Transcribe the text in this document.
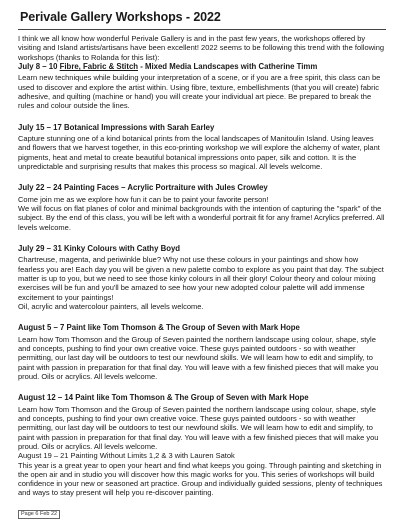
Perivale Gallery Workshops - 2022

I think we all know how wonderful Perivale Gallery is and in the past few years, the workshops offered by visiting and Island artists/artisans have been excellent! 2022 seems to be following this trend with the following workshops (thanks to Rolanda for this list):

July 8 – 10 Fibre, Fabric & Stitch - Mixed Media Landscapes with Catherine Timm

Learn new techniques while building your interpretation of a scene, or if you are a free spirit, this class can be used to discover and explore the artist within. Using fibre, texture, embellishments (that you will create) fabric adhesive, and quilting (machine or hand) you will create your individual art piece. Be prepared to break the rules and colour outside the lines.

July 15 – 17 Botanical Impressions with Sarah Earley

Capture stunning one of a kind botanical prints from the local landscapes of Manitoulin Island. Using leaves and flowers that we harvest together, in this eco-printing workshop we will explore the alchemy of water, plant pigments, heat and metal to create beautiful botanical impressions onto paper, silk and cotton. It is the unpredictable and surprising results that makes this process so magical. All levels welcome.

July 22 – 24 Painting Faces – Acrylic Portraiture with Jules Crowley

Come join me as we explore how fun it can be to paint your favorite person!

We will focus on flat planes of color and minimal backgrounds with the intention of capturing the "spark" of the subject. By the end of this class, you will be left with a wonderful portrait fit for any frame! Acrylics preferred. All levels welcome.

July 29 – 31 Kinky Colours with Cathy Boyd

Chartreuse, magenta, and periwinkle blue? Why not use these colours in your paintings and show how fearless you are! Each day you will be given a new palette combo to explore as you paint that day. The subject matter is up to you, but we need to see those kinky colours in all their glory! Colour theory and colour mixing exercises will be fun and you'll be amazed to see how your new adopted colour palette will add immense excitement to your paintings!

Oil, acrylic and watercolour painters, all levels welcome.

August 5 – 7 Paint like Tom Thomson & The Group of Seven with Mark Hope

Learn how Tom Thomson and the Group of Seven painted the northern landscape using colour, shape, style and concepts, pushing to find your own creative voice. These guys painted outdoors - so with weather permitting, our last day will be outdoors to test our newfound skills. We will learn how to edit and simplify, to paint with passion in preparation for that final day. You will leave with a few finished pieces that will make you proud. Oils or acrylics. All levels welcome.

August 12 – 14 Paint like Tom Thomson & The Group of Seven with Mark Hope

Learn how Tom Thomson and the Group of Seven painted the northern landscape using colour, shape, style and concepts, pushing to find your own creative voice. These guys painted outdoors - so with weather permitting, our last day will be outdoors to test our newfound skills. We will learn how to edit and simplify, to paint with passion in preparation for that final day. You will leave with a few finished pieces that will make you proud. Oils or acrylics. All levels welcome.

August 19 – 21 Painting Without Limits 1,2 & 3 with Lauren Satok

This year is a great year to open your heart and find what keeps you going. Through painting and sketching in the open air and in studio you will discover how this magic works for you. This series of workshops will build confidence in your new or seasoned art practice. Group and individually guided sessions, plenty of techniques and ways to stay present will help you re-discover painting.

Page 6 Feb 22
